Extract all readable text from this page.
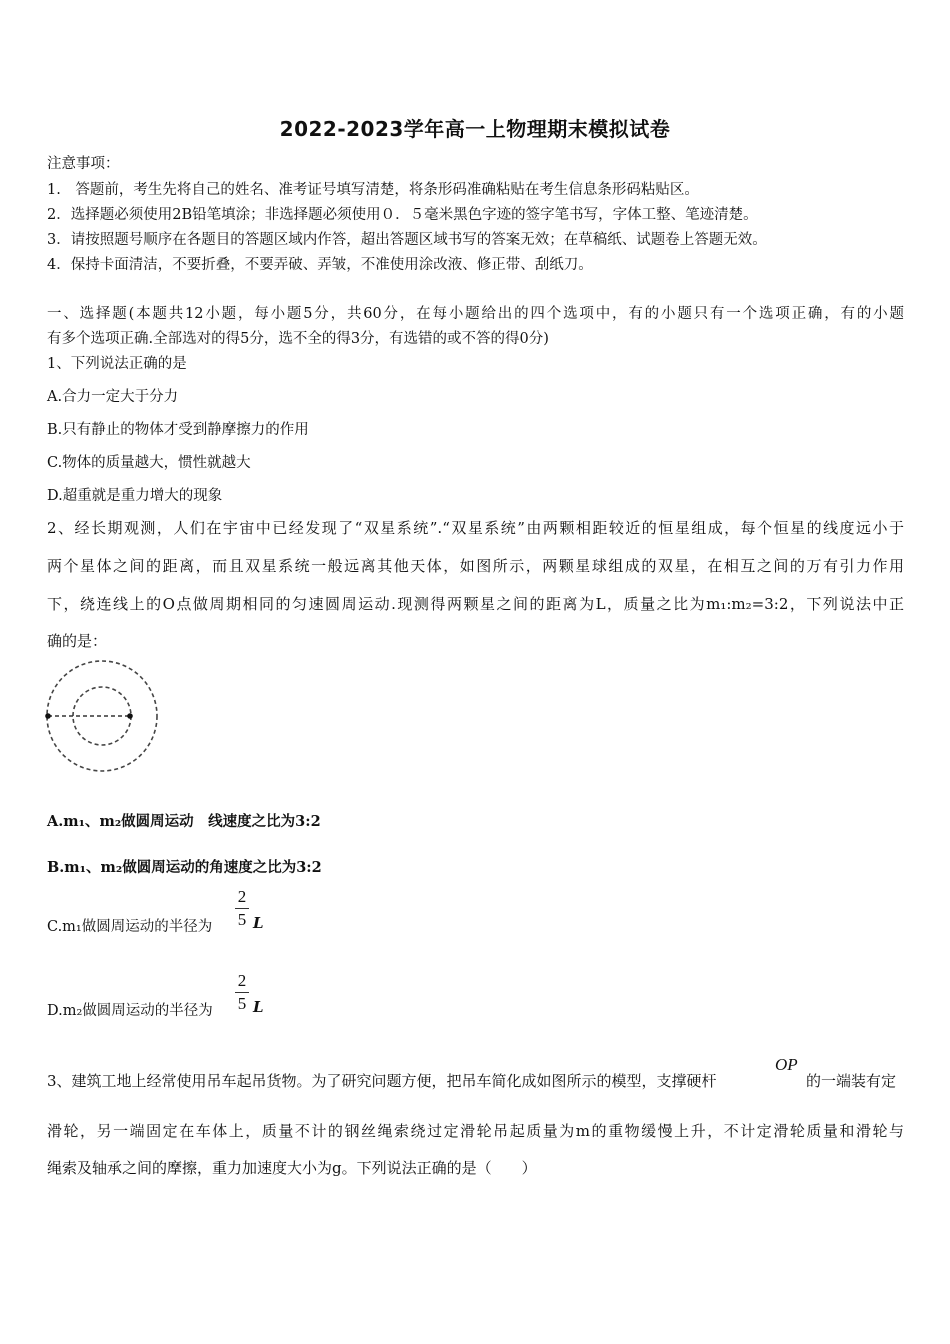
2022-2023学年高一上物理期末模拟试卷
注意事项：
1.　答题前，考生先将自己的姓名、准考证号填写清楚，将条形码准确粘贴在考生信息条形码粘贴区。
2．选择题必须使用2B铅笔填涂；非选择题必须使用０．５毫米黑色字迹的签字笔书写，字体工整、笔迹清楚。
3．请按照题号顺序在各题目的答题区域内作答，超出答题区域书写的答案无效；在草稿纸、试题卷上答题无效。
4．保持卡面清洁，不要折叠，不要弄破、弄皱，不准使用涂改液、修正带、刮纸刀。
一、选择题(本题共12小题，每小题5分，共60分，在每小题给出的四个选项中，有的小题只有一个选项正确，有的小题
有多个选项正确.全部选对的得5分，选不全的得3分，有选错的或不答的得0分)
1、下列说法正确的是
A.合力一定大于分力
B.只有静止的物体才受到静摩擦力的作用
C.物体的质量越大，惯性就越大
D.超重就是重力增大的现象
2、经长期观测，人们在宇宙中已经发现了“双星系统”.“双星系统”由两颗相距较近的恒星组成，每个恒星的线度远小于
两个星体之间的距离，而且双星系统一般远离其他天体，如图所示，两颗星球组成的双星，在相互之间的万有引力作用
下，绕连线上的O点做周期相同的匀速圆周运动.现测得两颗星之间的距离为L，质量之比为m₁:m₂=3:2，下列说法中正
确的是：
A.m₁、m₂做圆周运动　线速度之比为3:2
B.m₁、m₂做圆周运动的角速度之比为3:2
C.m₁做圆周运动的半径为
2
5 L
D.m₂做圆周运动的半径为
2
5 L
3、建筑工地上经常使用吊车起吊货物。为了研究问题方便，把吊车简化成如图所示的模型，支撑硬杆
OP
的一端装有定
滑轮，另一端固定在车体上，质量不计的钢丝绳索绕过定滑轮吊起质量为m的重物缓慢上升，不计定滑轮质量和滑轮与
绳索及轴承之间的摩擦，重力加速度大小为g。下列说法正确的是（　　）
